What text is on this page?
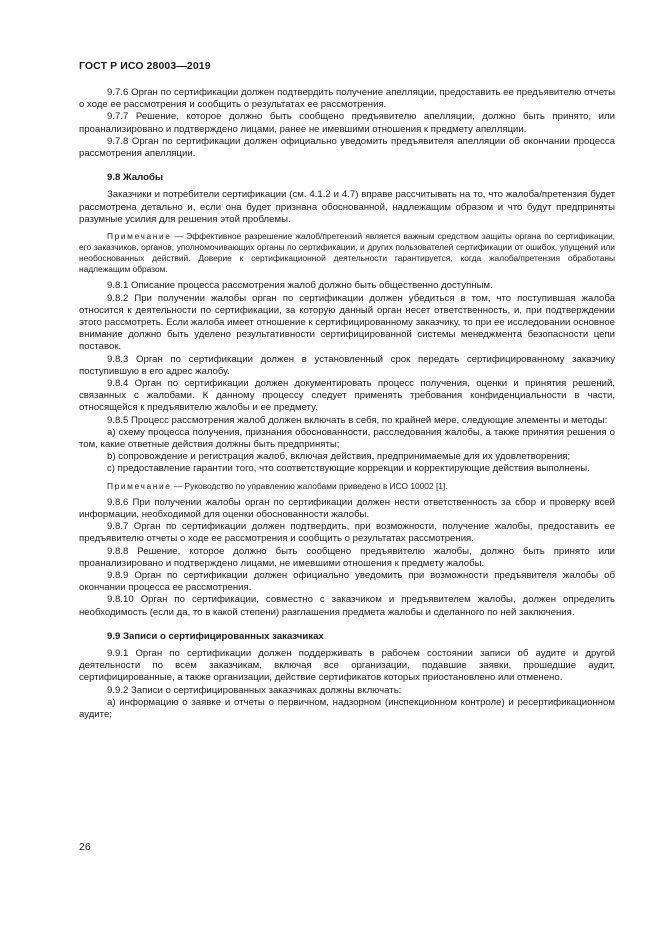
ГОСТ Р ИСО 28003—2019

9.7.6 Орган по сертификации должен подтвердить получение апелляции, предоставить ее предъявителю отчеты о ходе ее рассмотрения и сообщить о результатах ее рассмотрения.

9.7.7 Решение, которое должно быть сообщено предъявителю апелляции, должно быть принято, или проанализировано и подтверждено лицами, ранее не имевшими отношения к предмету апелляции.

9.7.8 Орган по сертификации должен официально уведомить предъявителя апелляции об окончании процесса рассмотрения апелляции.

9.8 Жалобы

Заказчики и потребители сертификации (см. 4.1.2 и 4.7) вправе рассчитывать на то, что жалоба/претензия будет рассмотрена детально и, если она будет признана обоснованной, надлежащим образом и что будут предприняты разумные усилия для решения этой проблемы.

Примечание — Эффективное разрешение жалоб/претензий является важным средством защиты органа по сертификации, его заказчиков, органов, уполномочивающих органы по сертификации, и других пользователей сертификации от ошибок, упущений или необоснованных действий. Доверие к сертификационной деятельности гарантируется, когда жалоба/претензия обработаны надлежащим образом.

9.8.1 Описание процесса рассмотрения жалоб должно быть общественно доступным.

9.8.2 При получении жалобы орган по сертификации должен убедиться в том, что поступившая жалоба относится к деятельности по сертификации, за которую данный орган несет ответственность, и, при подтверждении этого рассмотреть. Если жалоба имеет отношение к сертифицированному заказчику, то при ее исследовании основное внимание должно быть уделено результативности сертифицированной системы менеджмента безопасности цепи поставок.

9.8.3 Орган по сертификации должен в установленный срок передать сертифицированному заказчику поступившую в его адрес жалобу.

9.8.4 Орган по сертификации должен документировать процесс получения, оценки и принятия решений, связанных с жалобами. К данному процессу следует применять требования конфиденциальности в части, относящейся к предъявителю жалобы и ее предмету.

9.8.5 Процесс рассмотрения жалоб должен включать в себя, по крайней мере, следующие элементы и методы:

a) схему процесса получения, признания обоснованности, расследования жалобы, а также принятия решения о том, какие ответные действия должны быть предприняты;

b) сопровождение и регистрация жалоб, включая действия, предпринимаемые для их удовлетворения;

c) предоставление гарантии того, что соответствующие коррекции и корректирующие действия выполнены.

Примечание — Руководство по управлению жалобами приведено в ИСО 10002 [1].

9.8.6 При получении жалобы орган по сертификации должен нести ответственность за сбор и проверку всей информации, необходимой для оценки обоснованности жалобы.

9.8.7 Орган по сертификации должен подтвердить, при возможности, получение жалобы, предоставить ее предъявителю отчеты о ходе ее рассмотрения и сообщить о результатах рассмотрения.

9.8.8 Решение, которое должно быть сообщено предъявителю жалобы, должно быть принято или проанализировано и подтверждено лицами, не имевшими отношения к предмету жалобы.

9.8.9 Орган по сертификации должен официально уведомить при возможности предъявителя жалобы об окончании процесса ее рассмотрения.

9.8.10 Орган по сертификации, совместно с заказчиком и предъявителем жалобы, должен определить необходимость (если да, то в какой степени) разглашения предмета жалобы и сделанного по ней заключения.

9.9 Записи о сертифицированных заказчиках

9.9.1 Орган по сертификации должен поддерживать в рабочем состоянии записи об аудите и другой деятельности по всем заказчикам, включая все организации, подавшие заявки, прошедшие аудит, сертифицированные, а также организации, действие сертификатов которых приостановлено или отменено.

9.9.2 Записи о сертифицированных заказчиках должны включать:

a) информацию о заявке и отчеты о первичном, надзорном (инспекционном контроле) и ресертификационном аудите;

26
